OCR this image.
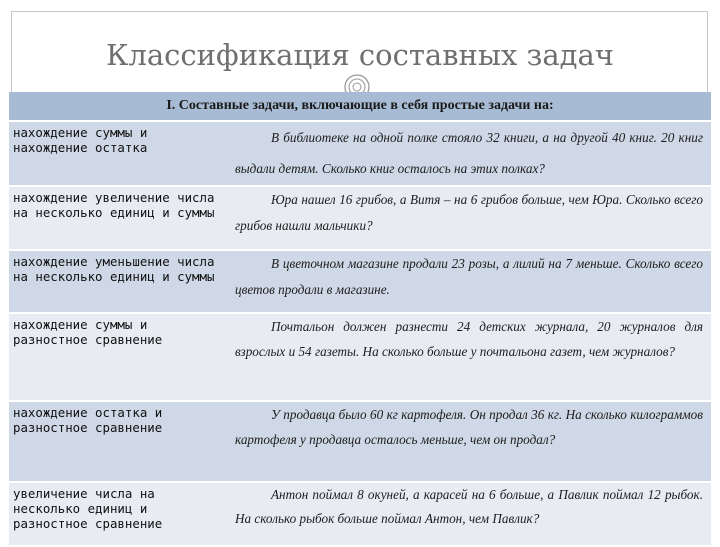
Классификация составных задач
I. Составные задачи, включающие в себя простые задачи на:
нахождение суммы и нахождение остатка
В библиотеке на одной полке стояло 32 книги, а на другой 40 книг. 20 книг выдали детям. Сколько книг осталось на этих полках?
нахождение увеличение числа на несколько единиц и суммы
Юра нашел 16 грибов, а Витя – на 6 грибов больше, чем Юра. Сколько всего грибов нашли мальчики?
нахождение уменьшение числа на несколько единиц и суммы
В цветочном магазине продали 23 розы, а лилий на 7 меньше. Сколько всего цветов продали в магазине.
нахождение суммы и разностное сравнение
Почтальон должен разнести 24 детских журнала, 20 журналов для взрослых и 54 газеты. На сколько больше у почтальона газет, чем журналов?
нахождение остатка и разностное сравнение
У продавца было 60 кг картофеля. Он продал 36 кг. На сколько килограммов картофеля у продавца осталось меньше, чем он продал?
увеличение числа на несколько единиц и разностное сравнение
Антон поймал 8 окуней, а карасей на 6 больше, а Павлик поймал 12 рыбок. На сколько рыбок больше поймал Антон, чем Павлик?
